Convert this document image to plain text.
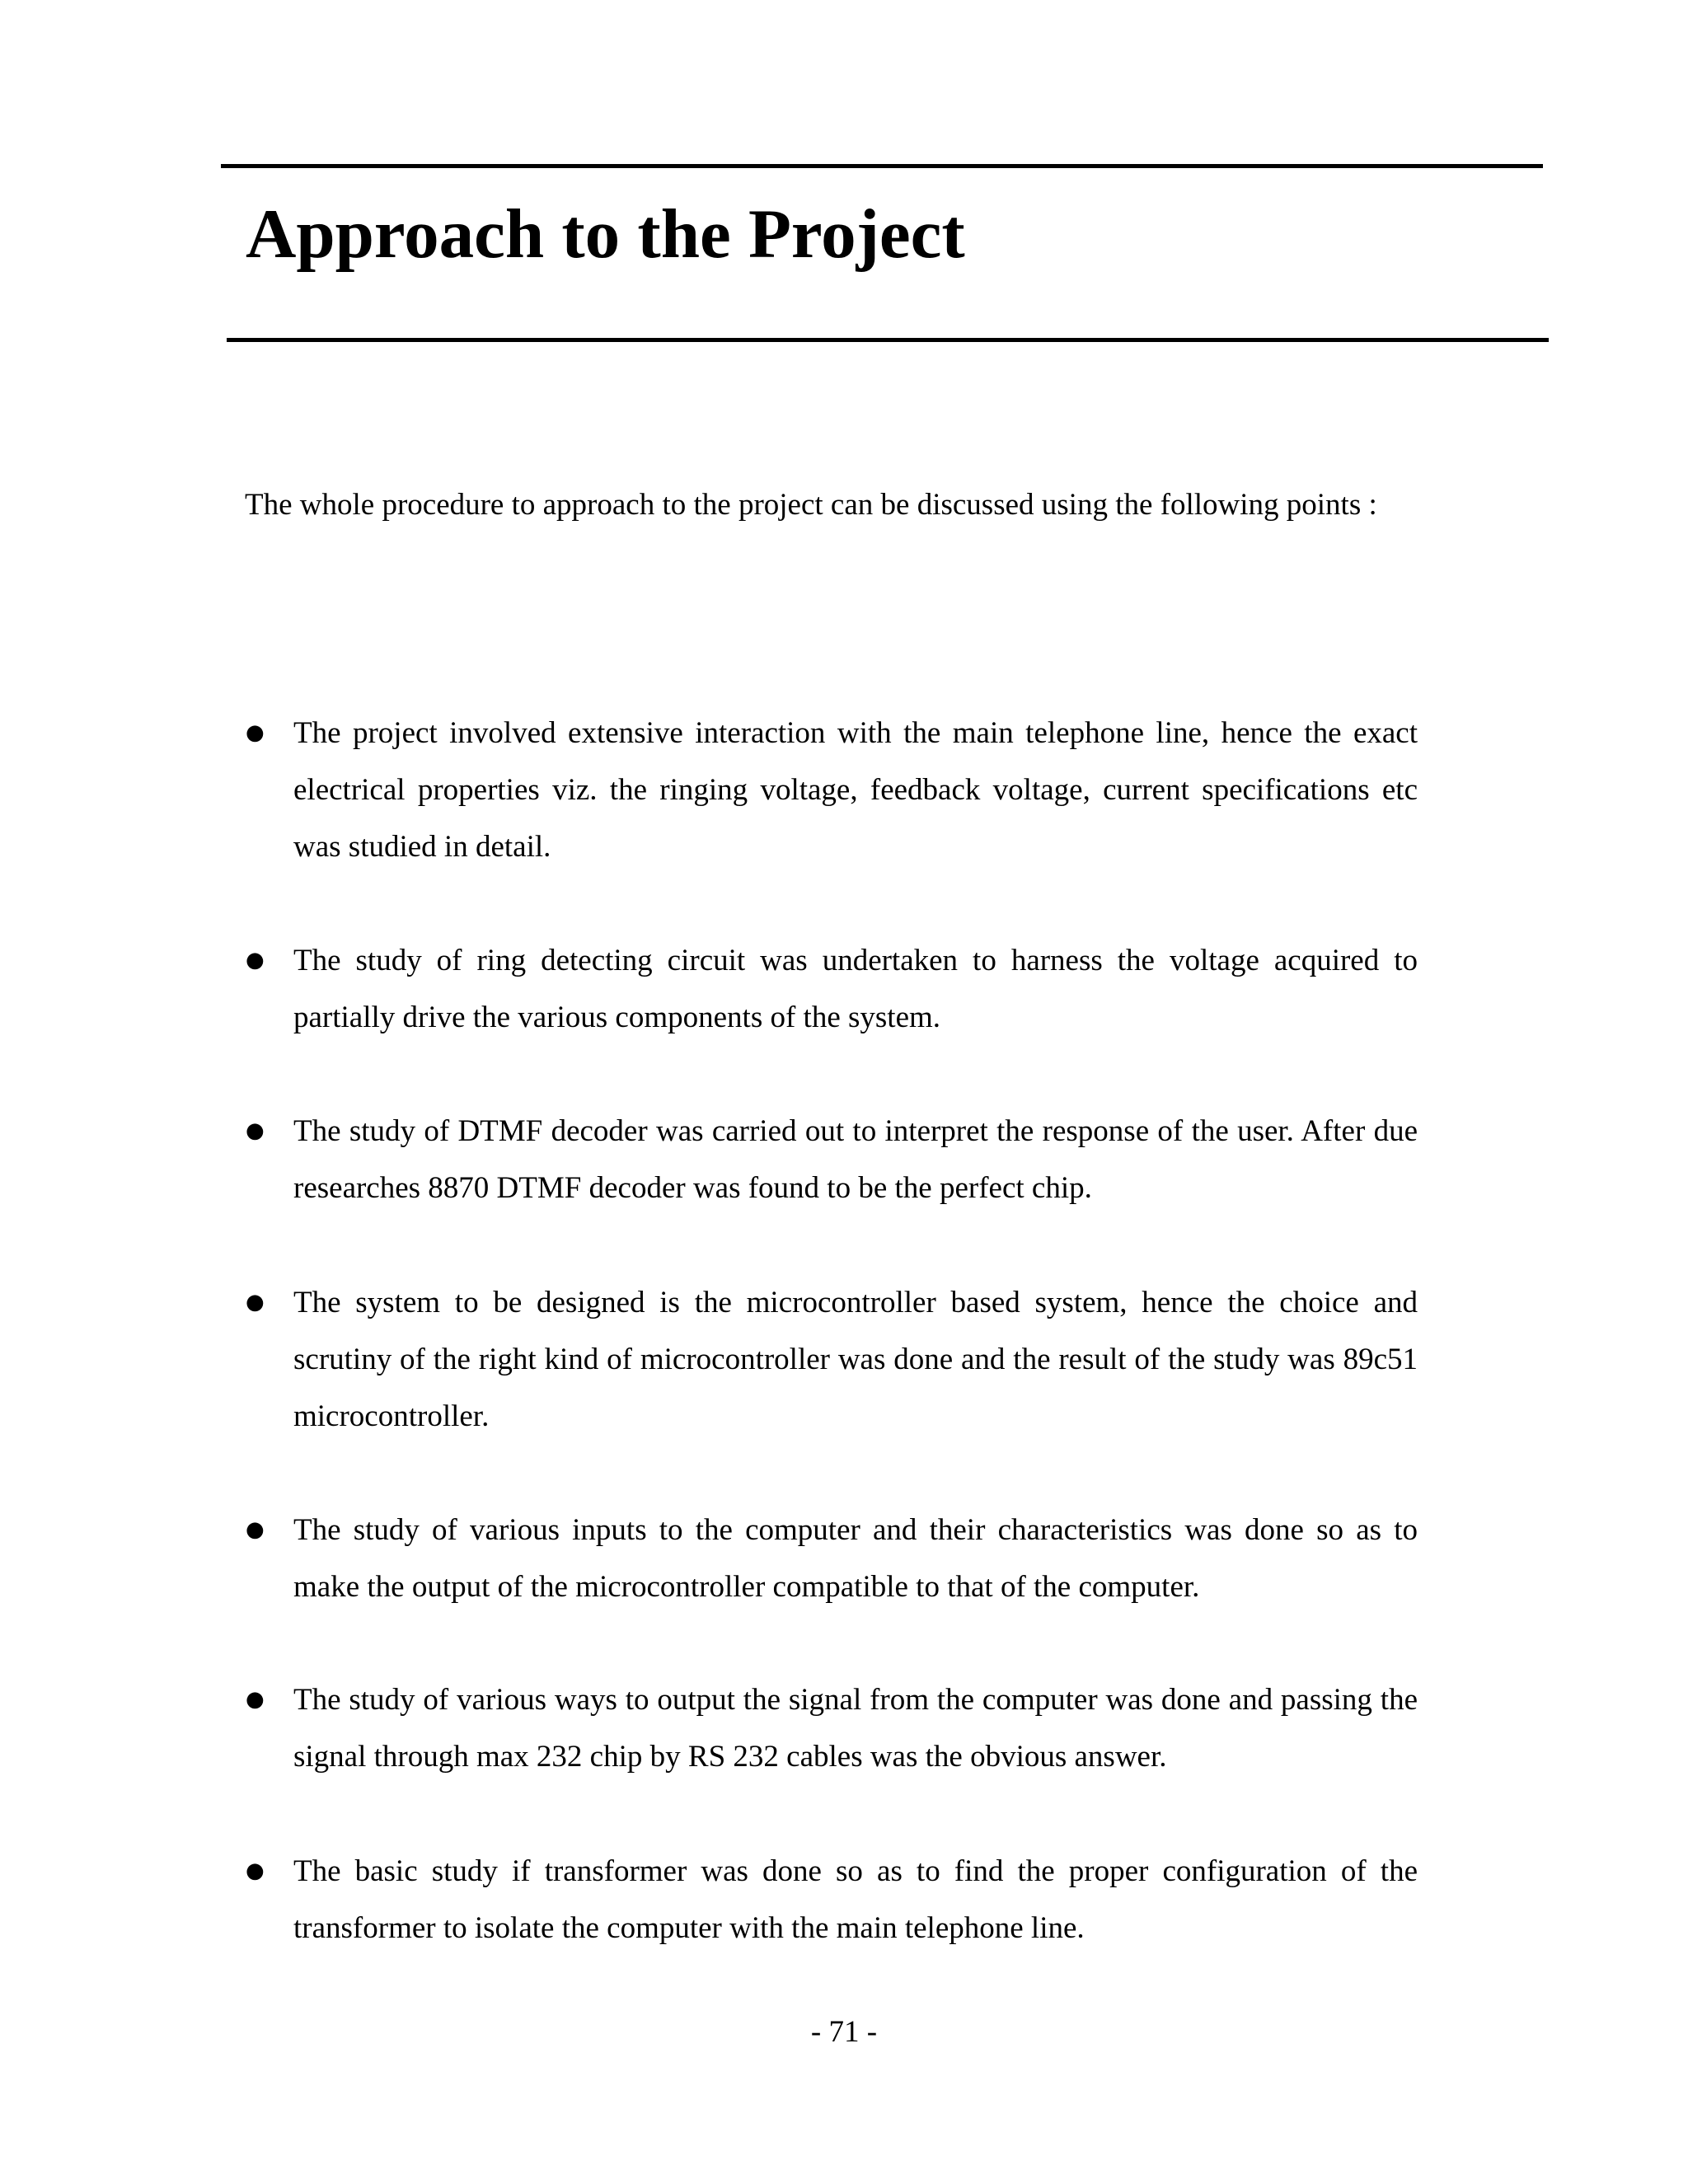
Approach to the Project

The whole procedure to approach to the project can be discussed using the following points :

● The project involved extensive interaction with the main telephone line, hence the exact electrical properties viz. the ringing voltage, feedback voltage, current specifications etc was studied in detail.
● The study of ring detecting circuit was undertaken to harness the voltage acquired to partially drive the various components of the system.
● The study of DTMF decoder was carried out to interpret the response of the user. After due researches 8870 DTMF decoder was found to be the perfect chip.
● The system to be designed is the microcontroller based system, hence the choice and scrutiny of the right kind of microcontroller was done and the result of the study was 89c51 microcontroller.
● The study of various inputs to the computer and their characteristics was done so as to make the output of the microcontroller compatible to that of the computer.
● The study of various ways to output the signal from the computer was done and passing the signal through max 232 chip by RS 232 cables was the obvious answer.
● The basic study if transformer was done so as to find the proper configuration of the transformer to isolate the computer with the main telephone line.
- 71 -
